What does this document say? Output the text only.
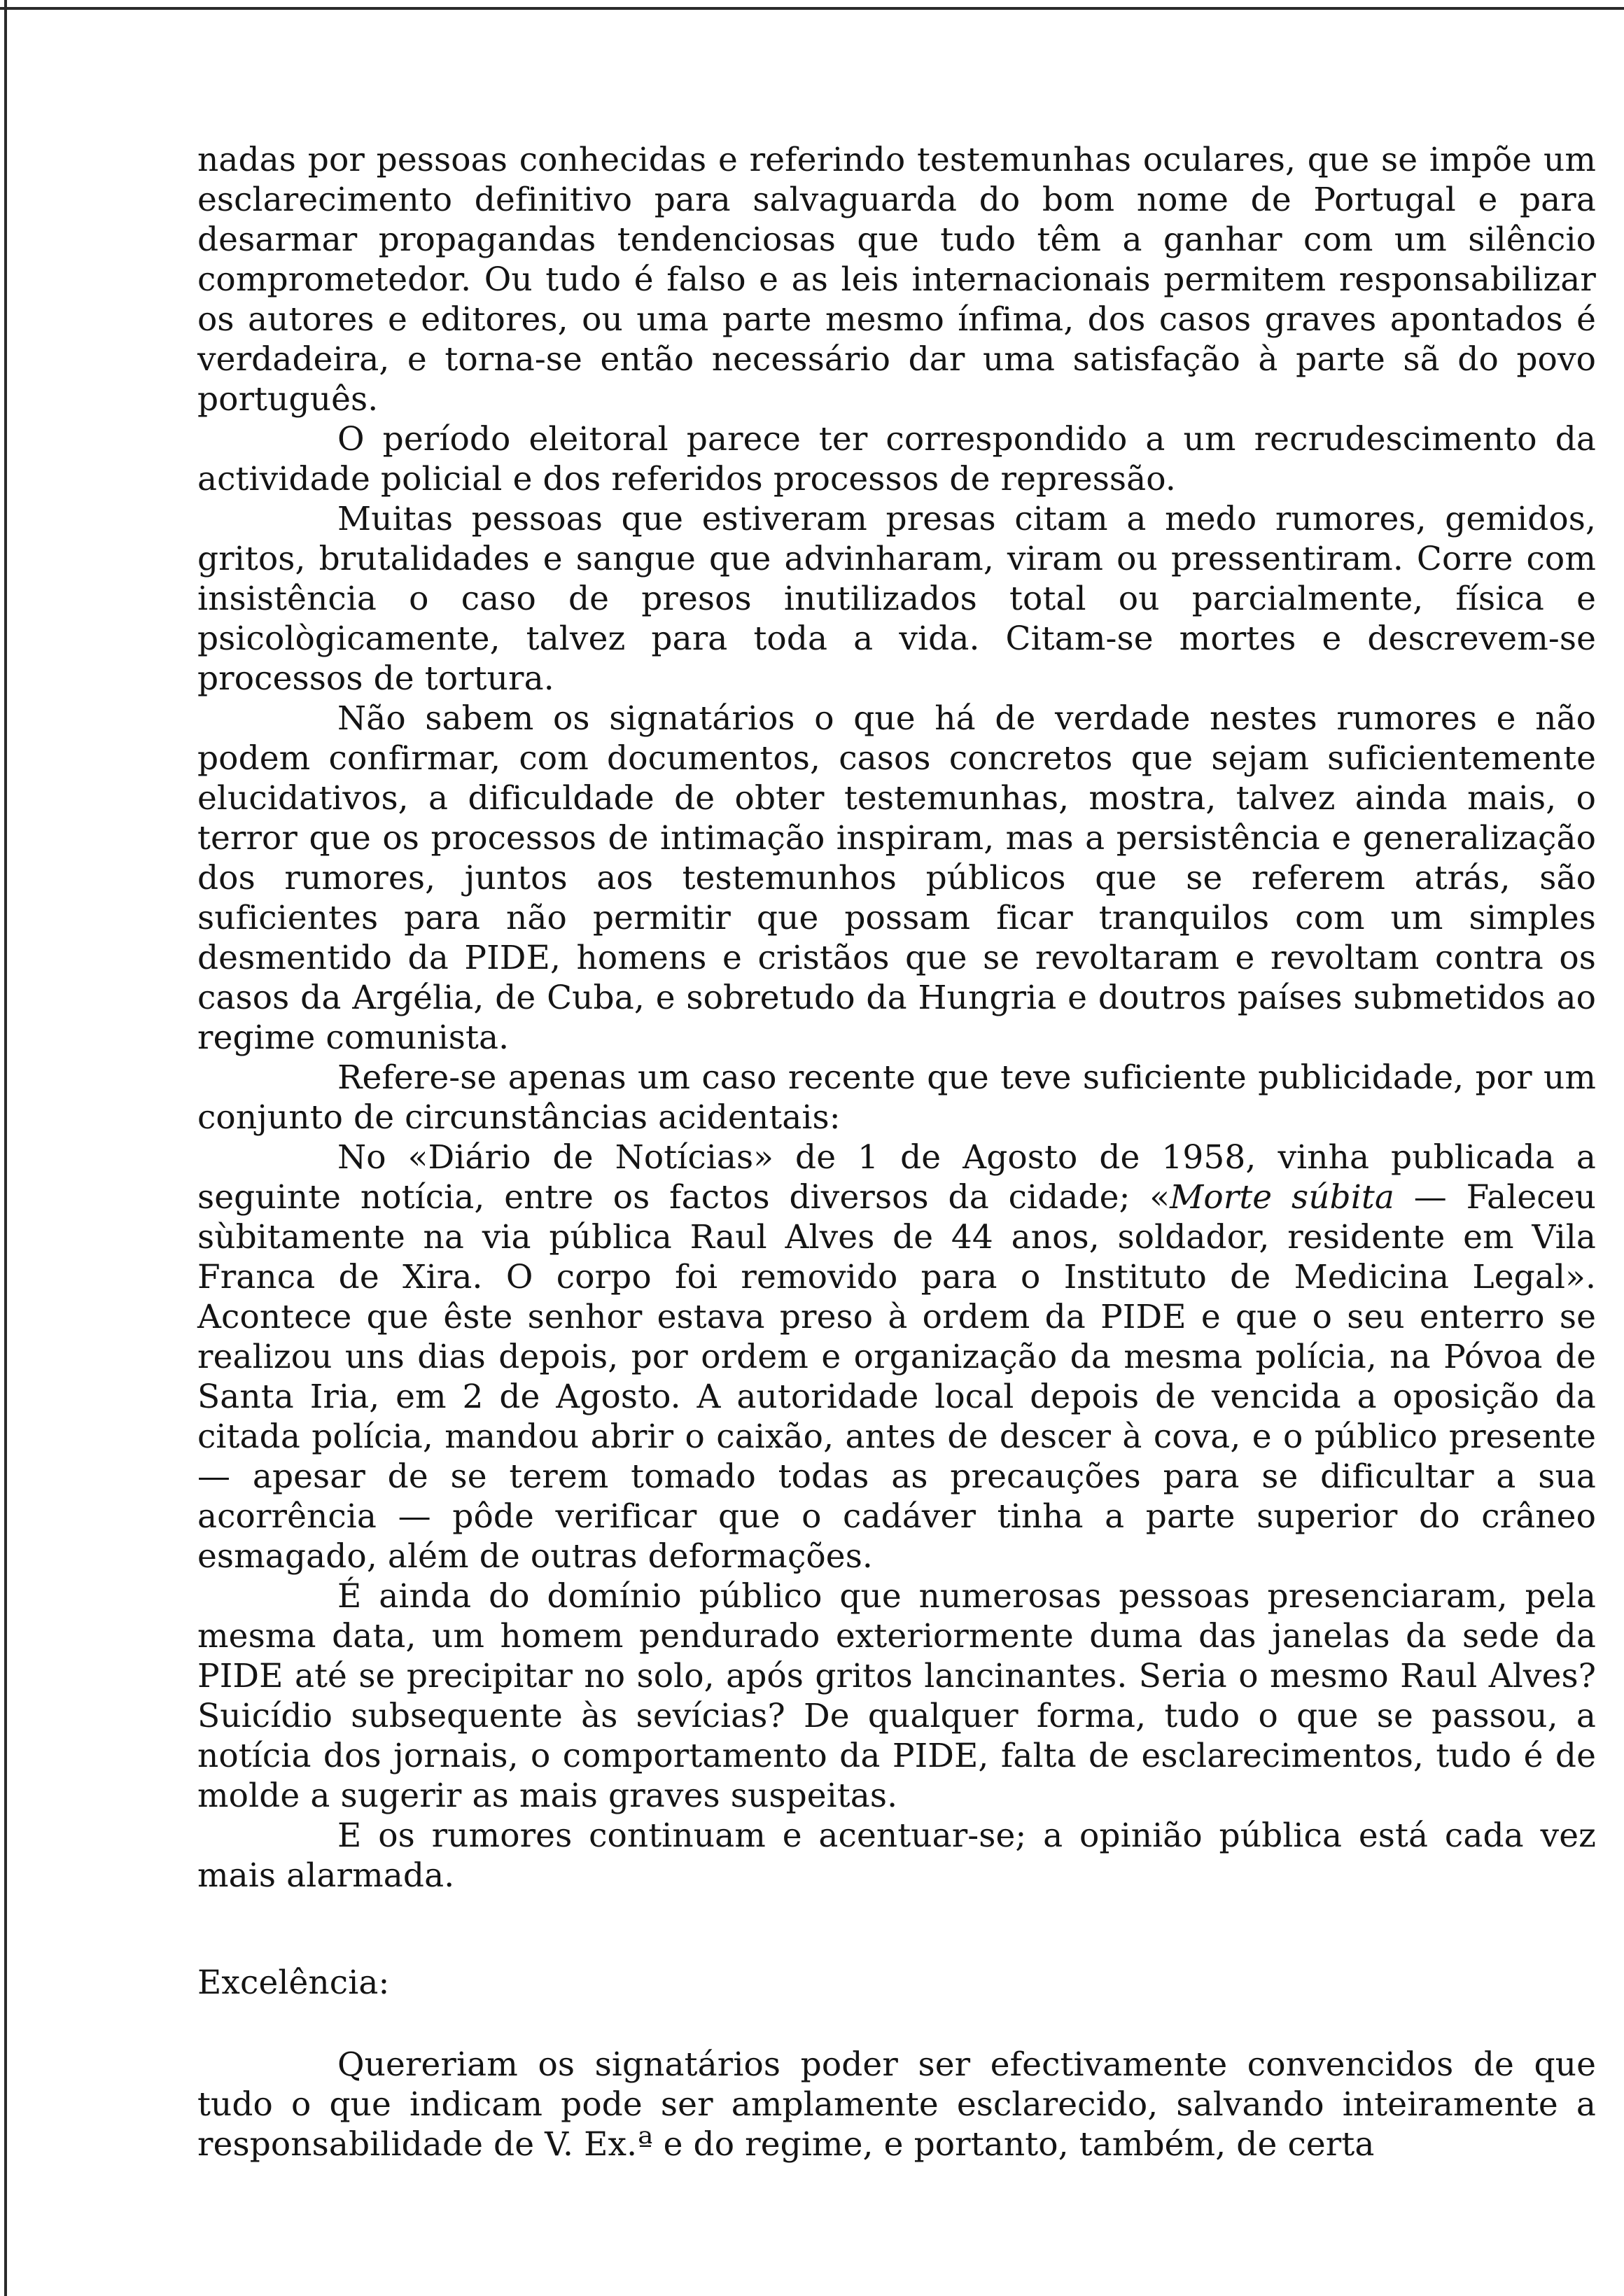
nadas por pessoas conhecidas e referindo testemunhas oculares, que se impõe um esclarecimento definitivo para salvaguarda do bom nome de Portugal e para desarmar propagandas tendenciosas que tudo têm a ganhar com um silêncio comprometedor. Ou tudo é falso e as leis internacionais permitem responsabilizar os autores e editores, ou uma parte mesmo ínfima, dos casos graves apontados é verdadeira, e torna-se então necessário dar uma satisfação à parte sã do povo português.

O período eleitoral parece ter correspondido a um recrudescimento da actividade policial e dos referidos processos de repressão.

Muitas pessoas que estiveram presas citam a medo rumores, gemidos, gritos, brutalidades e sangue que advinharam, viram ou pressentiram. Corre com insistência o caso de presos inutilizados total ou parcialmente, física e psicològicamente, talvez para toda a vida. Citam-se mortes e descrevem-se processos de tortura.

Não sabem os signatários o que há de verdade nestes rumores e não podem confirmar, com documentos, casos concretos que sejam suficientemente elucidativos, a dificuldade de obter testemunhas, mostra, talvez ainda mais, o terror que os processos de intimação inspiram, mas a persistência e generalização dos rumores, juntos aos testemunhos públicos que se referem atrás, são suficientes para não permitir que possam ficar tranquilos com um simples desmentido da PIDE, homens e cristãos que se revoltaram e revoltam contra os casos da Argélia, de Cuba, e sobretudo da Hungria e doutros países submetidos ao regime comunista.

Refere-se apenas um caso recente que teve suficiente publicidade, por um conjunto de circunstâncias acidentais:

No «Diário de Notícias» de 1 de Agosto de 1958, vinha publicada a seguinte notícia, entre os factos diversos da cidade; «Morte súbita — Faleceu sùbitamente na via pública Raul Alves de 44 anos, soldador, residente em Vila Franca de Xira. O corpo foi removido para o Instituto de Medicina Legal». Acontece que êste senhor estava preso à ordem da PIDE e que o seu enterro se realizou uns dias depois, por ordem e organização da mesma polícia, na Póvoa de Santa Iria, em 2 de Agosto. A autoridade local depois de vencida a oposição da citada polícia, mandou abrir o caixão, antes de descer à cova, e o público presente — apesar de se terem tomado todas as precauções para se dificultar a sua acorrência — pôde verificar que o cadáver tinha a parte superior do crâneo esmagado, além de outras deformações.

É ainda do domínio público que numerosas pessoas presenciaram, pela mesma data, um homem pendurado exteriormente duma das janelas da sede da PIDE até se precipitar no solo, após gritos lancinantes. Seria o mesmo Raul Alves? Suicídio subsequente às sevícias? De qualquer forma, tudo o que se passou, a notícia dos jornais, o comportamento da PIDE, falta de esclarecimentos, tudo é de molde a sugerir as mais graves suspeitas.

E os rumores continuam e acentuar-se; a opinião pública está cada vez mais alarmada.

Excelência:

Quereriam os signatários poder ser efectivamente convencidos de que tudo o que indicam pode ser amplamente esclarecido, salvando inteiramente a responsabilidade de V. Ex.ª e do regime, e portanto, também, de certa
